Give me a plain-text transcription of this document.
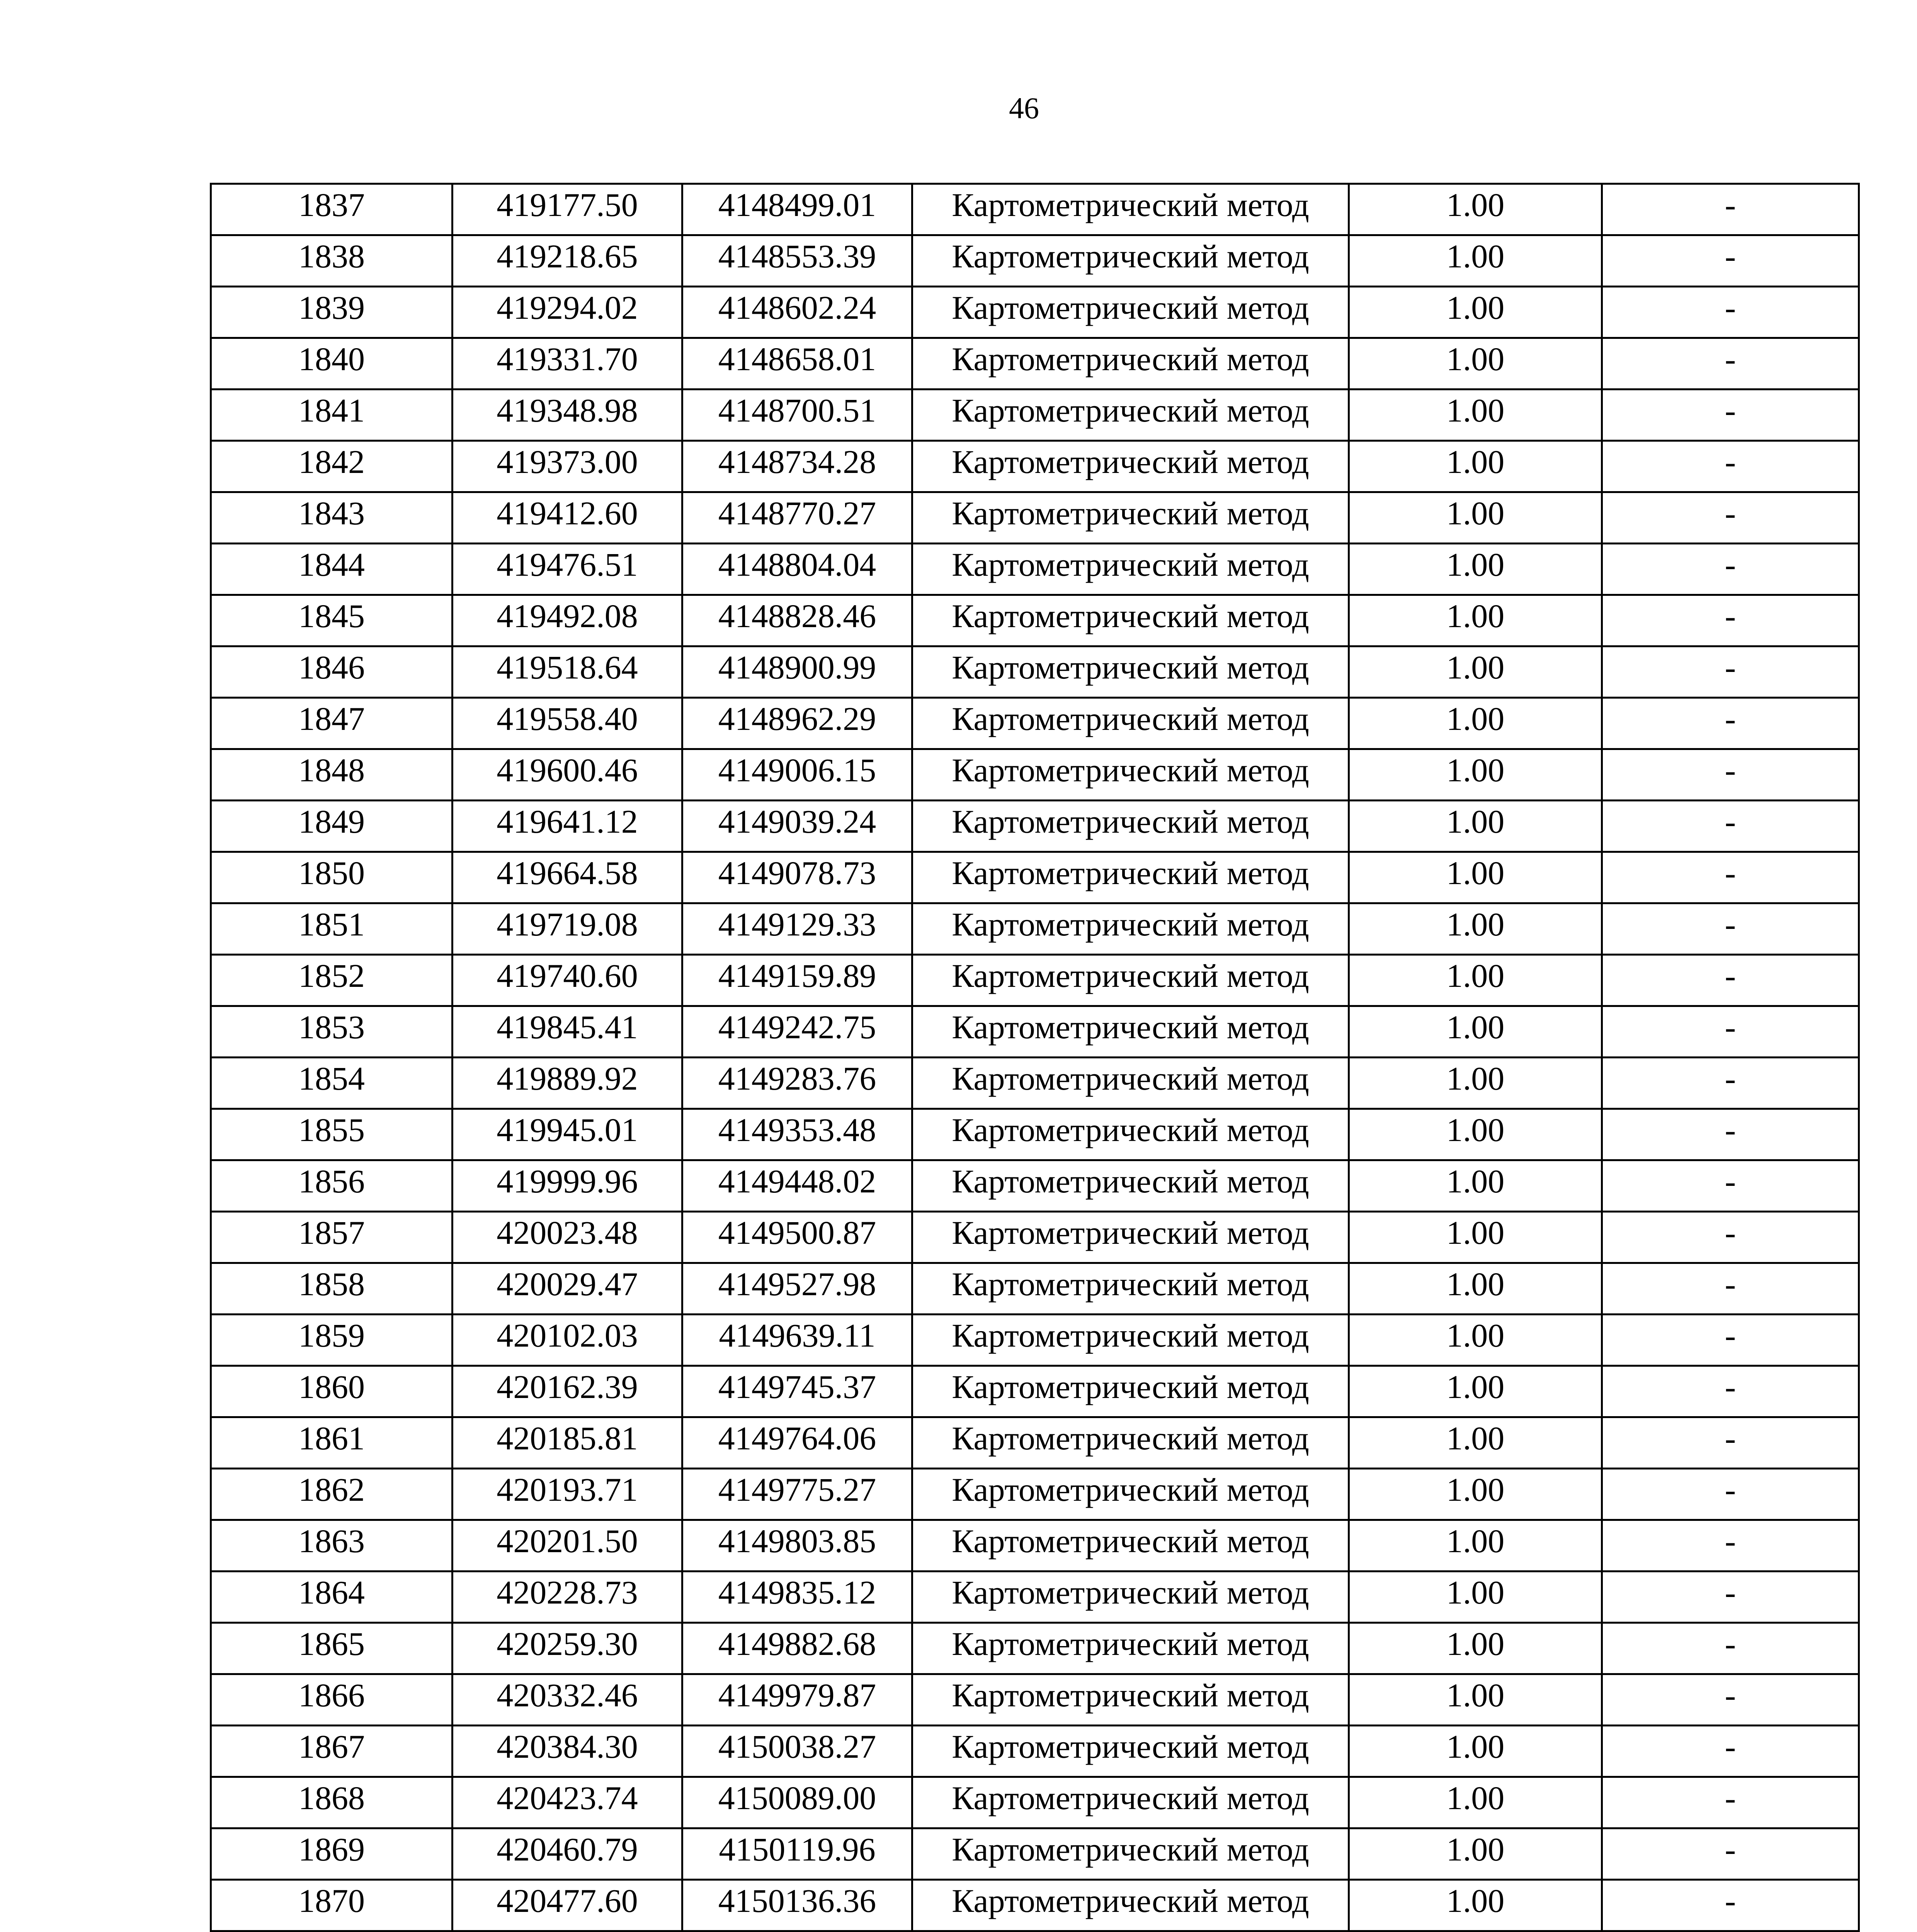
46
1837	419177.50	4148499.01	Картометрический метод	1.00	-
1838	419218.65	4148553.39	Картометрический метод	1.00	-
1839	419294.02	4148602.24	Картометрический метод	1.00	-
1840	419331.70	4148658.01	Картометрический метод	1.00	-
1841	419348.98	4148700.51	Картометрический метод	1.00	-
1842	419373.00	4148734.28	Картометрический метод	1.00	-
1843	419412.60	4148770.27	Картометрический метод	1.00	-
1844	419476.51	4148804.04	Картометрический метод	1.00	-
1845	419492.08	4148828.46	Картометрический метод	1.00	-
1846	419518.64	4148900.99	Картометрический метод	1.00	-
1847	419558.40	4148962.29	Картометрический метод	1.00	-
1848	419600.46	4149006.15	Картометрический метод	1.00	-
1849	419641.12	4149039.24	Картометрический метод	1.00	-
1850	419664.58	4149078.73	Картометрический метод	1.00	-
1851	419719.08	4149129.33	Картометрический метод	1.00	-
1852	419740.60	4149159.89	Картометрический метод	1.00	-
1853	419845.41	4149242.75	Картометрический метод	1.00	-
1854	419889.92	4149283.76	Картометрический метод	1.00	-
1855	419945.01	4149353.48	Картометрический метод	1.00	-
1856	419999.96	4149448.02	Картометрический метод	1.00	-
1857	420023.48	4149500.87	Картометрический метод	1.00	-
1858	420029.47	4149527.98	Картометрический метод	1.00	-
1859	420102.03	4149639.11	Картометрический метод	1.00	-
1860	420162.39	4149745.37	Картометрический метод	1.00	-
1861	420185.81	4149764.06	Картометрический метод	1.00	-
1862	420193.71	4149775.27	Картометрический метод	1.00	-
1863	420201.50	4149803.85	Картометрический метод	1.00	-
1864	420228.73	4149835.12	Картометрический метод	1.00	-
1865	420259.30	4149882.68	Картометрический метод	1.00	-
1866	420332.46	4149979.87	Картометрический метод	1.00	-
1867	420384.30	4150038.27	Картометрический метод	1.00	-
1868	420423.74	4150089.00	Картометрический метод	1.00	-
1869	420460.79	4150119.96	Картометрический метод	1.00	-
1870	420477.60	4150136.36	Картометрический метод	1.00	-
